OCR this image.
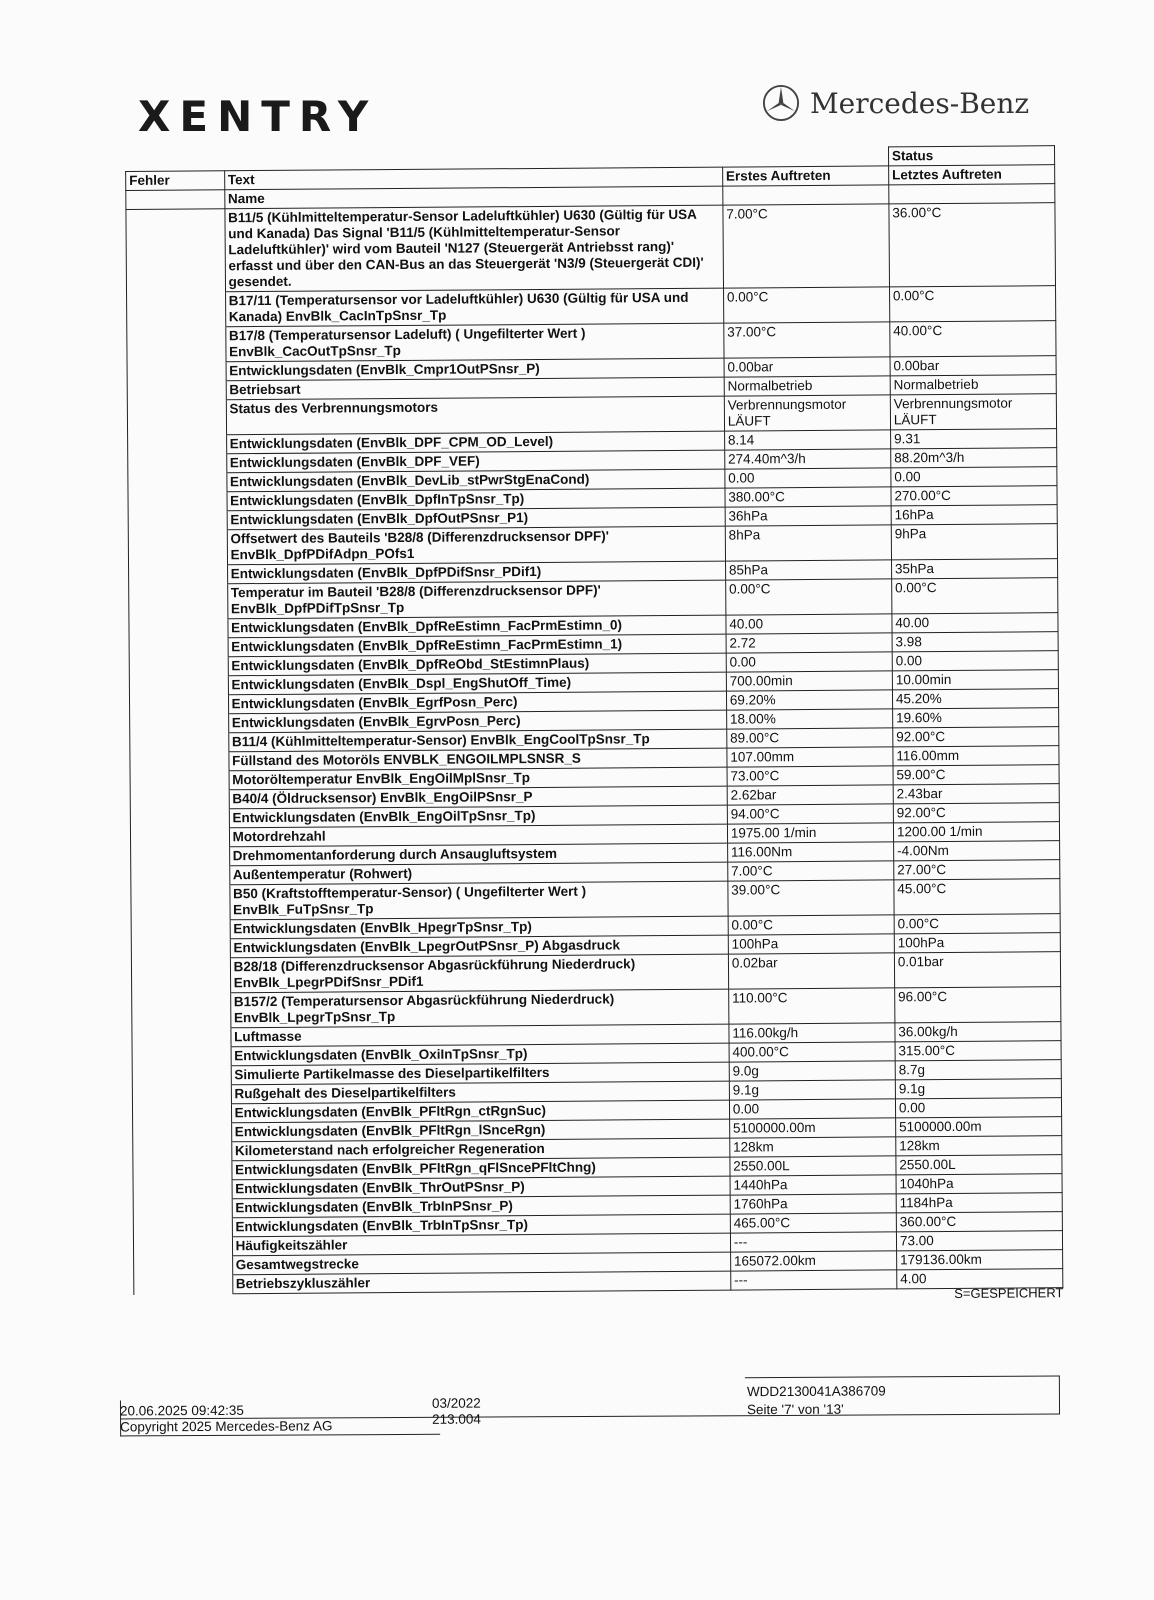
XENTRY	Mercedes-Benz
			Status
Fehler	Text	Erstes Auftreten	Letztes Auftreten
	Name		
	B11/5 (Kühlmitteltemperatur-Sensor Ladeluftkühler) U630 (Gültig für USA und Kanada) Das Signal 'B11/5 (Kühlmitteltemperatur-Sensor Ladeluftkühler)' wird vom Bauteil 'N127 (Steuergerät Antriebsst rang)' erfasst und über den CAN-Bus an das Steuergerät 'N3/9 (Steuergerät CDI)' gesendet.	7.00°C	36.00°C
	B17/11 (Temperatursensor vor Ladeluftkühler) U630 (Gültig für USA und Kanada) EnvBlk_CacInTpSnsr_Tp	0.00°C	0.00°C
	B17/8 (Temperatursensor Ladeluft) ( Ungefilterter Wert ) EnvBlk_CacOutTpSnsr_Tp	37.00°C	40.00°C
	Entwicklungsdaten (EnvBlk_Cmpr1OutPSnsr_P)	0.00bar	0.00bar
	Betriebsart	Normalbetrieb	Normalbetrieb
	Status des Verbrennungsmotors	Verbrennungsmotor LÄUFT	Verbrennungsmotor LÄUFT
	Entwicklungsdaten (EnvBlk_DPF_CPM_OD_Level)	8.14	9.31
	Entwicklungsdaten (EnvBlk_DPF_VEF)	274.40m^3/h	88.20m^3/h
	Entwicklungsdaten (EnvBlk_DevLib_stPwrStgEnaCond)	0.00	0.00
	Entwicklungsdaten (EnvBlk_DpfInTpSnsr_Tp)	380.00°C	270.00°C
	Entwicklungsdaten (EnvBlk_DpfOutPSnsr_P1)	36hPa	16hPa
	Offsetwert des Bauteils 'B28/8 (Differenzdrucksensor DPF)' EnvBlk_DpfPDifAdpn_POfs1	8hPa	9hPa
	Entwicklungsdaten (EnvBlk_DpfPDifSnsr_PDif1)	85hPa	35hPa
	Temperatur im Bauteil 'B28/8 (Differenzdrucksensor DPF)' EnvBlk_DpfPDifTpSnsr_Tp	0.00°C	0.00°C
	Entwicklungsdaten (EnvBlk_DpfReEstimn_FacPrmEstimn_0)	40.00	40.00
	Entwicklungsdaten (EnvBlk_DpfReEstimn_FacPrmEstimn_1)	2.72	3.98
	Entwicklungsdaten (EnvBlk_DpfReObd_StEstimnPlaus)	0.00	0.00
	Entwicklungsdaten (EnvBlk_Dspl_EngShutOff_Time)	700.00min	10.00min
	Entwicklungsdaten (EnvBlk_EgrfPosn_Perc)	69.20%	45.20%
	Entwicklungsdaten (EnvBlk_EgrvPosn_Perc)	18.00%	19.60%
	B11/4 (Kühlmitteltemperatur-Sensor) EnvBlk_EngCoolTpSnsr_Tp	89.00°C	92.00°C
	Füllstand des Motoröls ENVBLK_ENGOILMPLSNSR_S	107.00mm	116.00mm
	Motoröltemperatur EnvBlk_EngOilMplSnsr_Tp	73.00°C	59.00°C
	B40/4 (Öldrucksensor) EnvBlk_EngOilPSnsr_P	2.62bar	2.43bar
	Entwicklungsdaten (EnvBlk_EngOilTpSnsr_Tp)	94.00°C	92.00°C
	Motordrehzahl	1975.00 1/min	1200.00 1/min
	Drehmomentanforderung durch Ansaugluftsystem	116.00Nm	-4.00Nm
	Außentemperatur (Rohwert)	7.00°C	27.00°C
	B50 (Kraftstofftemperatur-Sensor) ( Ungefilterter Wert ) EnvBlk_FuTpSnsr_Tp	39.00°C	45.00°C
	Entwicklungsdaten (EnvBlk_HpegrTpSnsr_Tp)	0.00°C	0.00°C
	Entwicklungsdaten (EnvBlk_LpegrOutPSnsr_P) Abgasdruck	100hPa	100hPa
	B28/18 (Differenzdrucksensor Abgasrückführung Niederdruck) EnvBlk_LpegrPDifSnsr_PDif1	0.02bar	0.01bar
	B157/2 (Temperatursensor Abgasrückführung Niederdruck) EnvBlk_LpegrTpSnsr_Tp	110.00°C	96.00°C
	Luftmasse	116.00kg/h	36.00kg/h
	Entwicklungsdaten (EnvBlk_OxiInTpSnsr_Tp)	400.00°C	315.00°C
	Simulierte Partikelmasse des Dieselpartikelfilters	9.0g	8.7g
	Rußgehalt des Dieselpartikelfilters	9.1g	9.1g
	Entwicklungsdaten (EnvBlk_PFltRgn_ctRgnSuc)	0.00	0.00
	Entwicklungsdaten (EnvBlk_PFltRgn_lSnceRgn)	5100000.00m	5100000.00m
	Kilometerstand nach erfolgreicher Regeneration	128km	128km
	Entwicklungsdaten (EnvBlk_PFltRgn_qFlSncePFltChng)	2550.00L	2550.00L
	Entwicklungsdaten (EnvBlk_ThrOutPSnsr_P)	1440hPa	1040hPa
	Entwicklungsdaten (EnvBlk_TrbInPSnsr_P)	1760hPa	1184hPa
	Entwicklungsdaten (EnvBlk_TrbInTpSnsr_Tp)	465.00°C	360.00°C
	Häufigkeitszähler	---	73.00
	Gesamtwegstrecke	165072.00km	179136.00km
	Betriebszykluszähler	---	4.00
S=GESPEICHERT
20.06.2025 09:42:35
Copyright 2025 Mercedes-Benz AG
03/2022
213.004
WDD2130041A386709
Seite '7' von '13'
